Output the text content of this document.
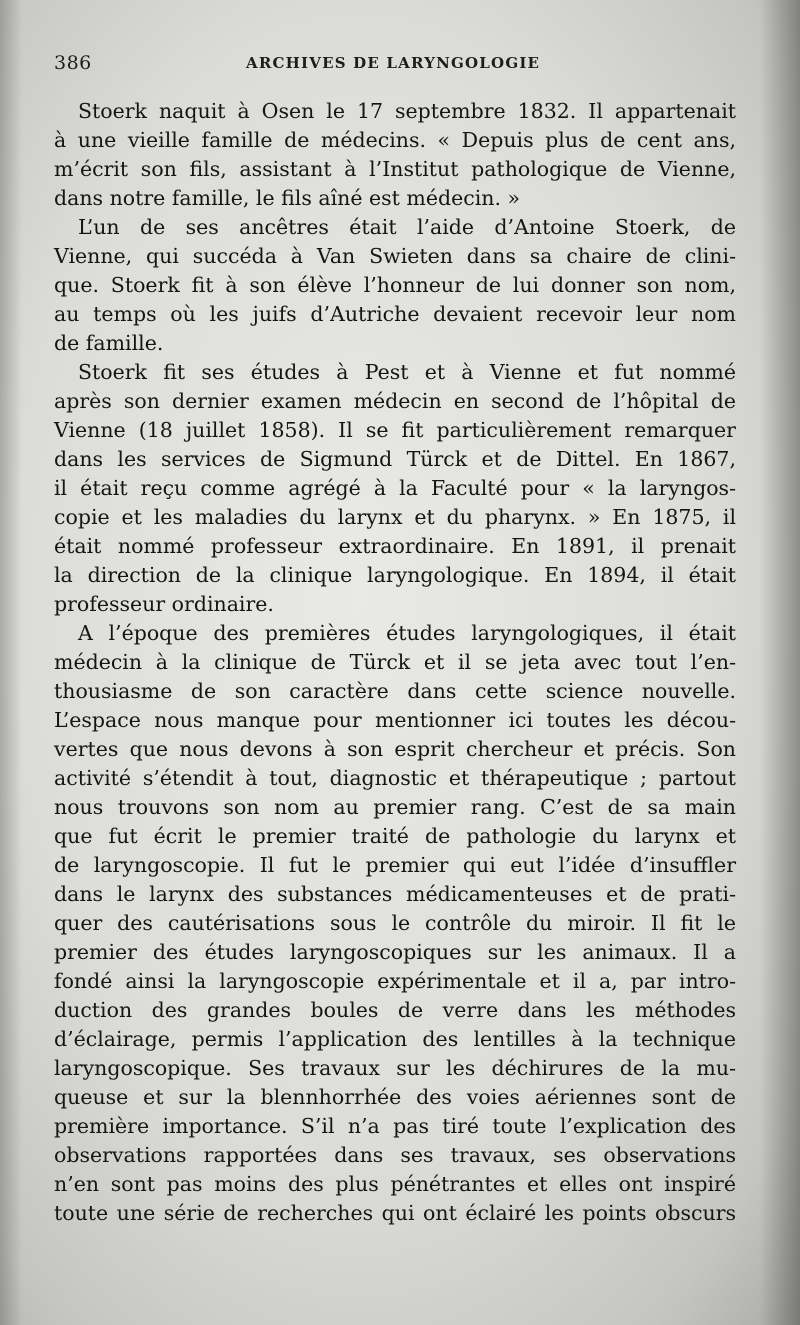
386	ARCHIVES DE LARYNGOLOGIE
Stoerk naquit à Osen le 17 septembre 1832. Il appartenait
à une vieille famille de médecins. « Depuis plus de cent ans,
m’écrit son fils, assistant à l’Institut pathologique de Vienne,
dans notre famille, le fils aîné est médecin. »
L’un de ses ancêtres était l’aide d’Antoine Stoerk, de
Vienne, qui succéda à Van Swieten dans sa chaire de clini-
que. Stoerk fit à son élève l’honneur de lui donner son nom,
au temps où les juifs d’Autriche devaient recevoir leur nom
de famille.
Stoerk fit ses études à Pest et à Vienne et fut nommé
après son dernier examen médecin en second de l’hôpital de
Vienne (18 juillet 1858). Il se fit particulièrement remarquer
dans les services de Sigmund Türck et de Dittel. En 1867,
il était reçu comme agrégé à la Faculté pour « la laryngos-
copie et les maladies du larynx et du pharynx. » En 1875, il
était nommé professeur extraordinaire. En 1891, il prenait
la direction de la clinique laryngologique. En 1894, il était
professeur ordinaire.
A l’époque des premières études laryngologiques, il était
médecin à la clinique de Türck et il se jeta avec tout l’en-
thousiasme de son caractère dans cette science nouvelle.
L’espace nous manque pour mentionner ici toutes les décou-
vertes que nous devons à son esprit chercheur et précis. Son
activité s’étendit à tout, diagnostic et thérapeutique ; partout
nous trouvons son nom au premier rang. C’est de sa main
que fut écrit le premier traité de pathologie du larynx et
de laryngoscopie. Il fut le premier qui eut l’idée d’insuffler
dans le larynx des substances médicamenteuses et de prati-
quer des cautérisations sous le contrôle du miroir. Il fit le
premier des études laryngoscopiques sur les animaux. Il a
fondé ainsi la laryngoscopie expérimentale et il a, par intro-
duction des grandes boules de verre dans les méthodes
d’éclairage, permis l’application des lentilles à la technique
laryngoscopique. Ses travaux sur les déchirures de la mu-
queuse et sur la blennhorrhée des voies aériennes sont de
première importance. S’il n’a pas tiré toute l’explication des
observations rapportées dans ses travaux, ses observations
n’en sont pas moins des plus pénétrantes et elles ont inspiré
toute une série de recherches qui ont éclairé les points obscurs
